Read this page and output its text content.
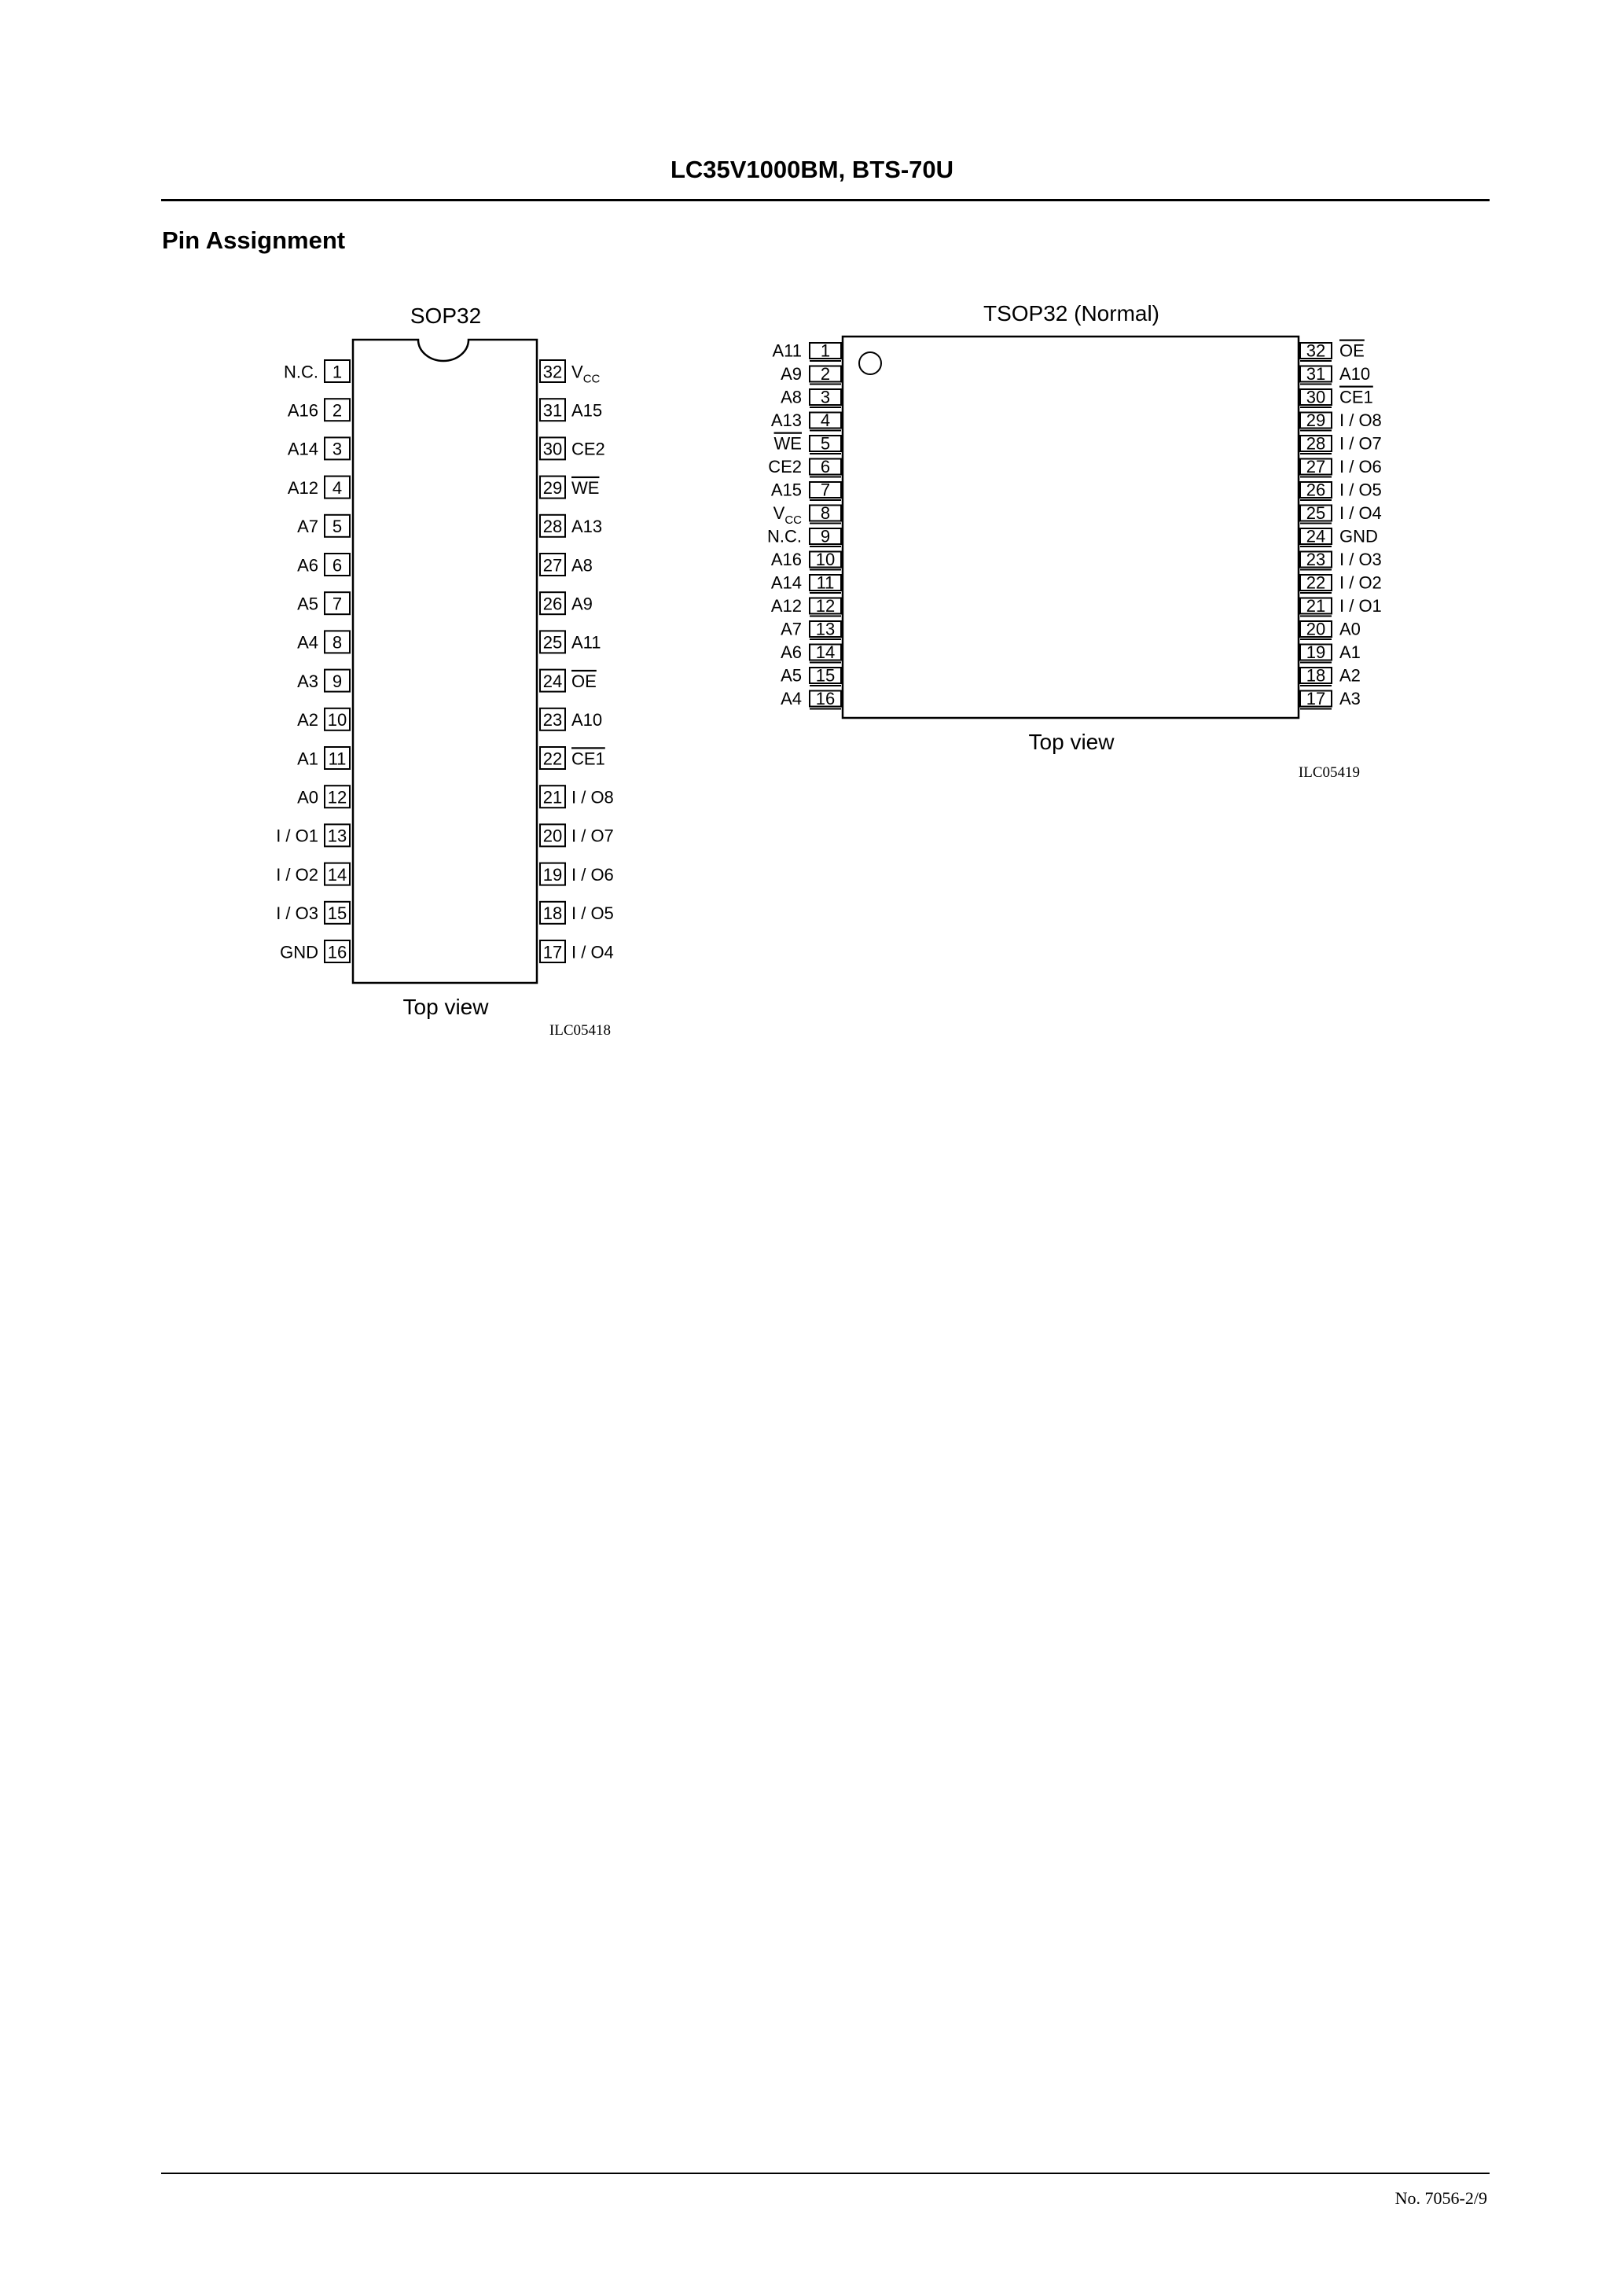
LC35V1000BM, BTS-70U
Pin Assignment
SOP32
1
N.C.
2
A16
3
A14
4
A12
5
A7
6
A6
7
A5
8
A4
9
A3
10
A2
11
A1
12
A0
13
I / O1
14
I / O2
15
I / O3
16
GND	17 I / O4
18 I / O5
19 I / O6
20 I / O7
21 I / O8
22 CE1
23 A10
24 OE
25 A11
26 A9
27 A8
28 A13
29 WE
30 CE2
31 A15
32 $V_{CC}$
Top view
ILC05418
TSOP32 (Normal)
1
A11
2
A9
3
A8
4
A13
5
WE
6
CE2
7
A15
8
$V_{CC}$
9
N.C.
10
A16
11
A14
12
A12
13
A7
14
A6
15
A5
16
A4	17 A3
18 A2
19 A1
20 A0
21 I / O1
22 I / O2
23 I / O3
24 GND
25 I / O4
26 I / O5
27 I / O6
28 I / O7
29 I / O8
30 CE1
31 A10
32 OE
Top view
ILC05419
No. 7056-2/9
